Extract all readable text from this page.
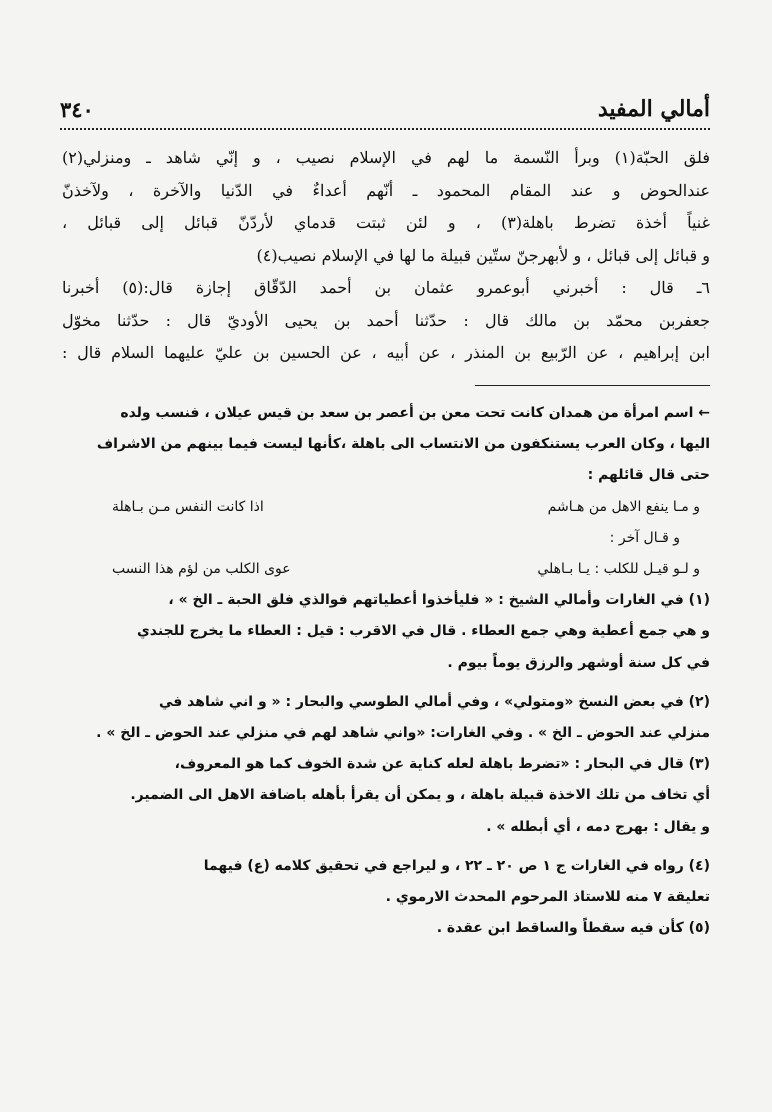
أمالي المفيد
٣٤٠

فلق الحبّة(١) وبرأ النّسمة ما لهم في الإسلام نصيب ، و إنّي شاهد ـ ومنزلي(٢)

عندالحوض و عند المقام المحمود ـ أنّهم أعداءٌ في الدّنيا والآخرة ، ولآخذنّ

غنياً أخذة تضرط باهلة(٣) ، و لئن ثبتت قدماي لأردّنّ قبائل إلى قبائل ،

و قبائل إلى قبائل ، و لأبهرجنّ ستّين قبيلة ما لها في الإسلام نصيب(٤)

٦ـ قال : أخبرني أبوعمرو عثمان بن أحمد الدّقّاق إجازة قال:(٥) أخبرنا

جعفربن محمّد بن مالك قال : حدّثنا أحمد بن يحيى الأوديّ قال : حدّثنا مخوّل

ابن إبراهيم ، عن الرّبيع بن المنذر ، عن أبيه ، عن الحسين بن عليّ عليهما السلام قال :

← اسم امرأة من همدان كانت تحت معن بن أعصر بن سعد بن قيس عيلان ، فنسب ولده

اليها ، وكان العرب يستنكفون من الانتساب الى باهلة ،كأنها ليست فيما بينهم من الاشراف

حتى قال قائلهم :

و مـا ينفع الاهل من هـاشم
اذا كانت النفس مـن بـاهلة

و قـال آخر :

و لـو قيـل للكلب : يـا بـاهلي
عوى الكلب من لؤم هذا النسب

(١) في الغارات وأمالي الشيخ : « فليأخذوا أعطياتهم فوالذي فلق الحبة ـ الخ » ،

و هي جمع أعطية وهي جمع العطاء . قال في الاقرب : قيل : العطاء ما يخرج للجندي

في كل سنة أوشهر والرزق يوماً بيوم .

(٢) في بعض النسخ «ومتولي» ، وفي أمالي الطوسي والبحار : « و اني شاهد في

منزلي عند الحوض ـ الخ » . وفي الغارات: «واني شاهد لهم في منزلي عند الحوض ـ الخ » .

(٣) قال في البحار : «تضرط باهلة لعله كناية عن شدة الخوف كما هو المعروف،

أي تخاف من تلك الاخذة قبيلة باهلة ، و يمكن أن يقرأ بأهله باضافة الاهل الى الضمير.

و يقال : بهرج دمه ، أي أبطله » .

(٤) رواه في الغارات ج ١ ص ٢٠ ـ ٢٢ ، و ليراجع في تحقيق كلامه (ع) فيهما

تعليقة ٧ منه للاستاذ المرحوم المحدث الارموي .

(٥) كأن فيه سقطاً والساقط ابن عقدة .
